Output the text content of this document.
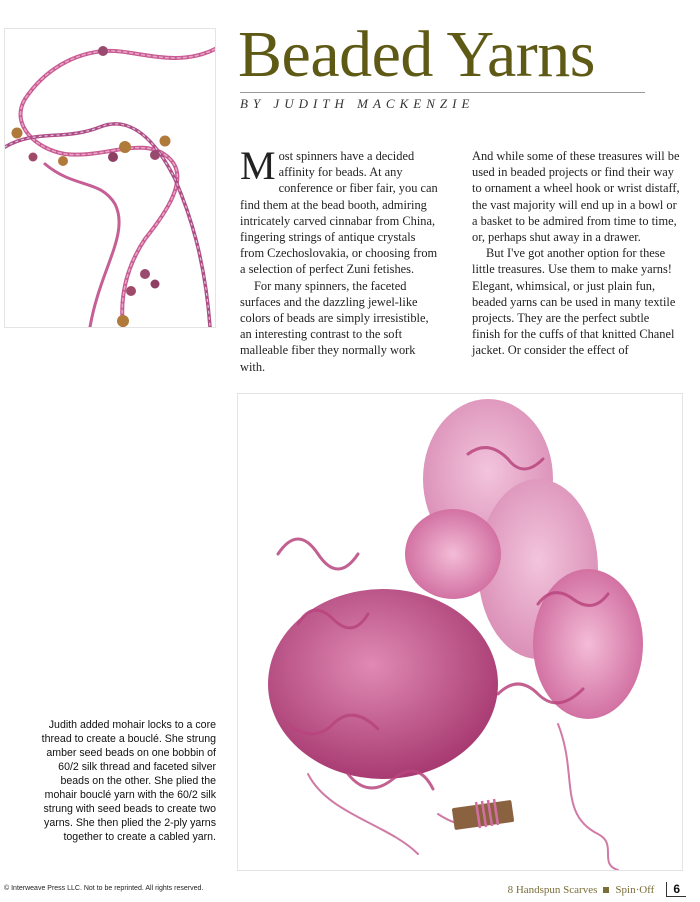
Beaded Yarns

BY JUDITH MACKENZIE

Most spinners have a decided affinity for beads. At any conference or fiber fair, you can find them at the bead booth, admiring intricately carved cinnabar from China, fingering strings of antique crystals from Czechoslovakia, or choosing from a selection of perfect Zuni fetishes.

For many spinners, the faceted surfaces and the dazzling jewel-like colors of beads are simply irresistible, an interesting contrast to the soft malleable fiber they normally work with.

And while some of these treasures will be used in beaded projects or find their way to ornament a wheel hook or wrist distaff, the vast majority will end up in a bowl or a basket to be admired from time to time, or, perhaps shut away in a drawer.

But I've got another option for these little treasures. Use them to make yarns! Elegant, whimsical, or just plain fun, beaded yarns can be used in many textile projects. They are the perfect subtle finish for the cuffs of that knitted Chanel jacket. Or consider the effect of

Judith added mohair locks to a core thread to create a bouclé. She strung amber seed beads on one bobbin of 60/2 silk thread and faceted silver beads on the other. She plied the mohair bouclé yarn with the 60/2 silk strung with seed beads to create two yarns. She then plied the 2-ply yarns together to create a cabled yarn.

© Interweave Press LLC. Not to be reprinted. All rights reserved.	8 Handspun Scarves Spin·Off	6
